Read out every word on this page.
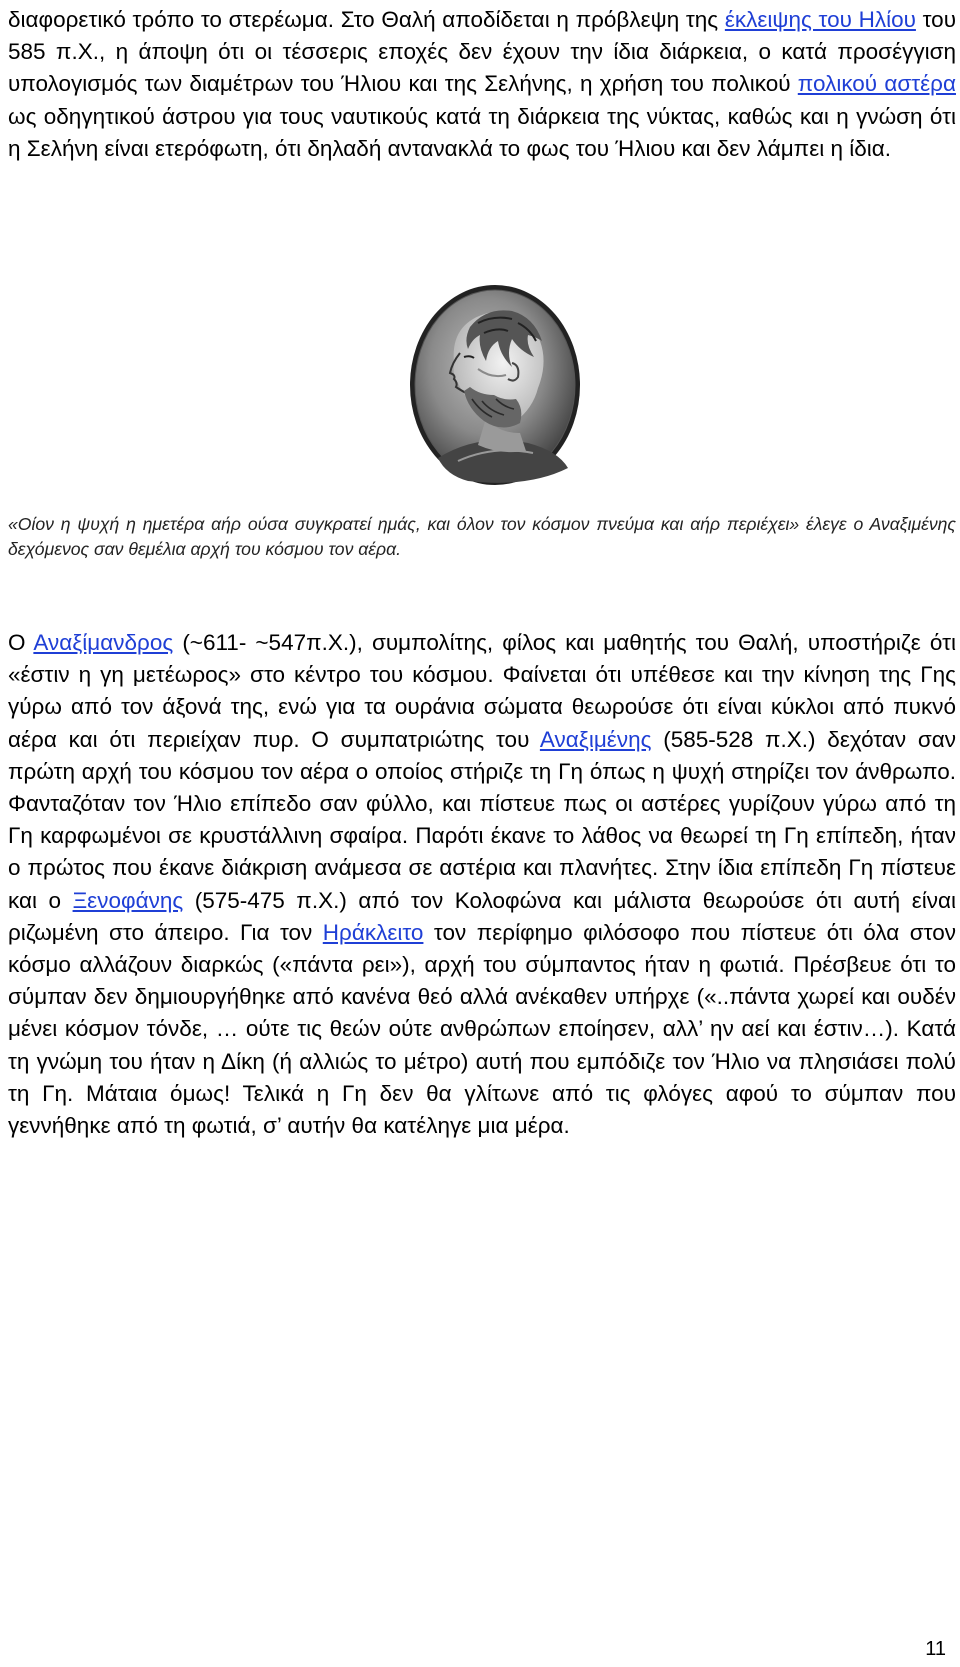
διαφορετικό τρόπο το στερέωμα. Στο Θαλή αποδίδεται η πρόβλεψη της έκλειψης του Ηλίου του 585 π.Χ., η άποψη ότι οι τέσσερις εποχές δεν έχουν την ίδια διάρκεια, ο κατά προσέγγιση υπολογισμός των διαμέτρων του Ήλιου και της Σελήνης, η χρήση του πολικού πολικού αστέρα ως οδηγητικού άστρου για τους ναυτικούς κατά τη διάρκεια της νύκτας, καθώς και η γνώση ότι η Σελήνη είναι ετερόφωτη, ότι δηλαδή αντανακλά το φως του Ήλιου και δεν λάμπει η ίδια.

«Οίον η ψυχή η ημετέρα αήρ ούσα συγκρατεί ημάς, και όλον τον κόσμον πνεύμα και αήρ περιέχει» έλεγε ο Αναξιμένης δεχόμενος σαν θεμέλια αρχή του κόσμου τον αέρα.

Ο Αναξίμανδρος (~611- ~547π.Χ.), συμπολίτης, φίλος και μαθητής του Θαλή, υποστήριζε ότι «έστιν η γη μετέωρος» στο κέντρο του κόσμου. Φαίνεται ότι υπέθεσε και την κίνηση της Γης γύρω από τον άξονά της, ενώ για τα ουράνια σώματα θεωρούσε ότι είναι κύκλοι από πυκνό αέρα και ότι περιείχαν πυρ. Ο συμπατριώτης του Αναξιμένης (585-528 π.Χ.) δεχόταν σαν πρώτη αρχή του κόσμου τον αέρα ο οποίος στήριζε τη Γη όπως η ψυχή στηρίζει τον άνθρωπο. Φανταζόταν τον Ήλιο επίπεδο σαν φύλλο, και πίστευε πως οι αστέρες γυρίζουν γύρω από τη Γη καρφωμένοι σε κρυστάλλινη σφαίρα. Παρότι έκανε το λάθος να θεωρεί τη Γη επίπεδη, ήταν ο πρώτος που έκανε διάκριση ανάμεσα σε αστέρια και πλανήτες. Στην ίδια επίπεδη Γη πίστευε και ο Ξενοφάνης (575-475 π.Χ.) από τον Κολοφώνα και μάλιστα θεωρούσε ότι αυτή είναι ριζωμένη στο άπειρο. Για τον Ηράκλειτο τον περίφημο φιλόσοφο που πίστευε ότι όλα στον κόσμο αλλάζουν διαρκώς («πάντα ρει»), αρχή του σύμπαντος ήταν η φωτιά. Πρέσβευε ότι το σύμπαν δεν δημιουργήθηκε από κανένα θεό αλλά ανέκαθεν υπήρχε («..πάντα χωρεί και ουδέν μένει κόσμον τόνδε, … ούτε τις θεών ούτε ανθρώπων εποίησεν, αλλ’ ην αεί και έστιν…). Κατά τη γνώμη του ήταν η Δίκη (ή αλλιώς το μέτρο) αυτή που εμπόδιζε τον Ήλιο να πλησιάσει πολύ τη Γη. Μάταια όμως! Τελικά η Γη δεν θα γλίτωνε από τις φλόγες αφού το σύμπαν που γεννήθηκε από τη φωτιά, σ’ αυτήν θα κατέληγε μια μέρα.

11
